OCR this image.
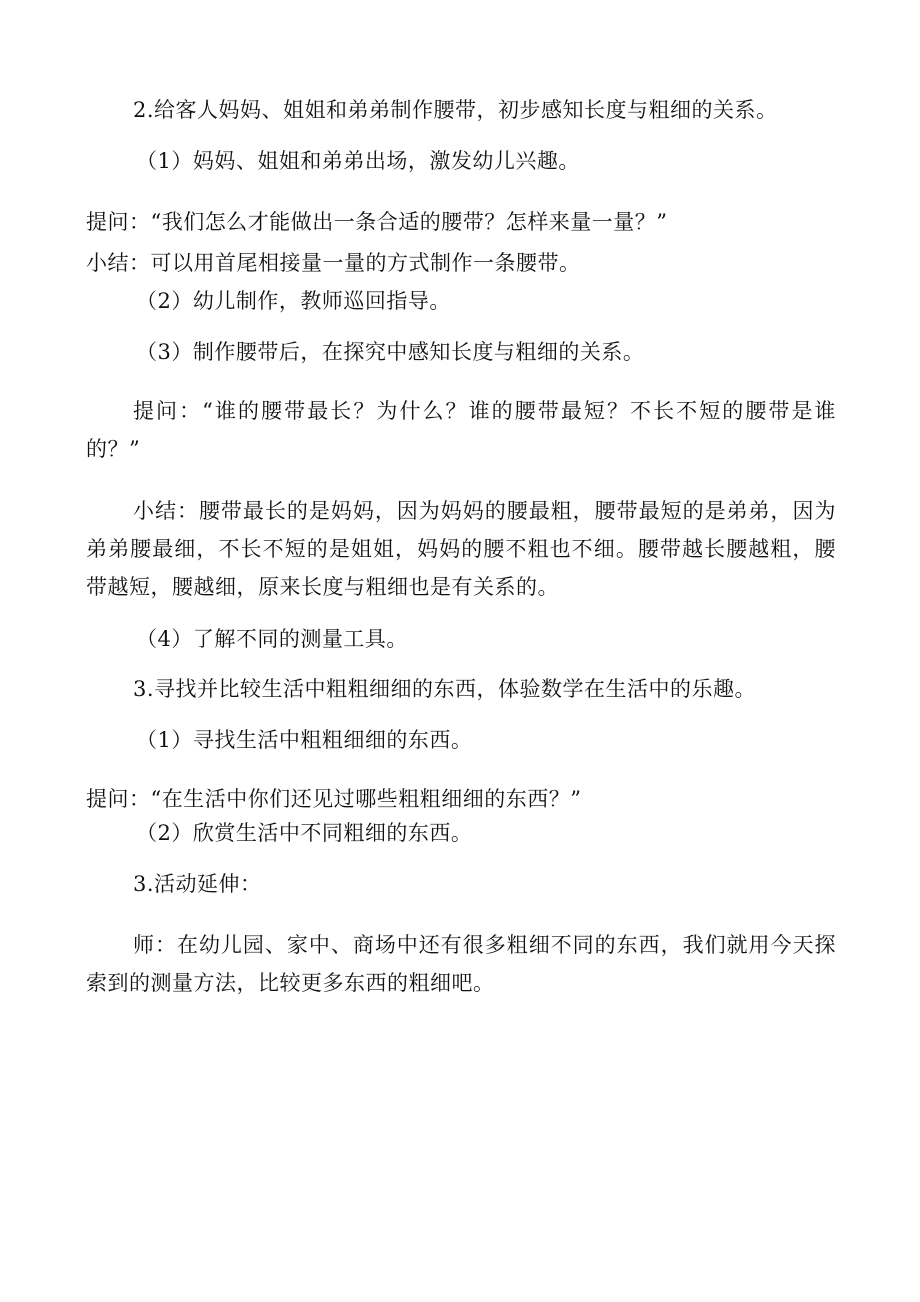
2.给客人妈妈、姐姐和弟弟制作腰带，初步感知长度与粗细的关系。
（1）妈妈、姐姐和弟弟出场，激发幼儿兴趣。
提问：“我们怎么才能做出一条合适的腰带？怎样来量一量？”
小结：可以用首尾相接量一量的方式制作一条腰带。
（2）幼儿制作，教师巡回指导。
（3）制作腰带后，在探究中感知长度与粗细的关系。
提问：“谁的腰带最长？为什么？谁的腰带最短？不长不短的腰带是谁的？”
小结：腰带最长的是妈妈，因为妈妈的腰最粗，腰带最短的是弟弟，因为弟弟腰最细，不长不短的是姐姐，妈妈的腰不粗也不细。腰带越长腰越粗，腰带越短，腰越细，原来长度与粗细也是有关系的。
（4）了解不同的测量工具。
3.寻找并比较生活中粗粗细细的东西，体验数学在生活中的乐趣。
（1）寻找生活中粗粗细细的东西。
提问：“在生活中你们还见过哪些粗粗细细的东西？”
（2）欣赏生活中不同粗细的东西。
3.活动延伸：
师：在幼儿园、家中、商场中还有很多粗细不同的东西，我们就用今天探索到的测量方法，比较更多东西的粗细吧。
